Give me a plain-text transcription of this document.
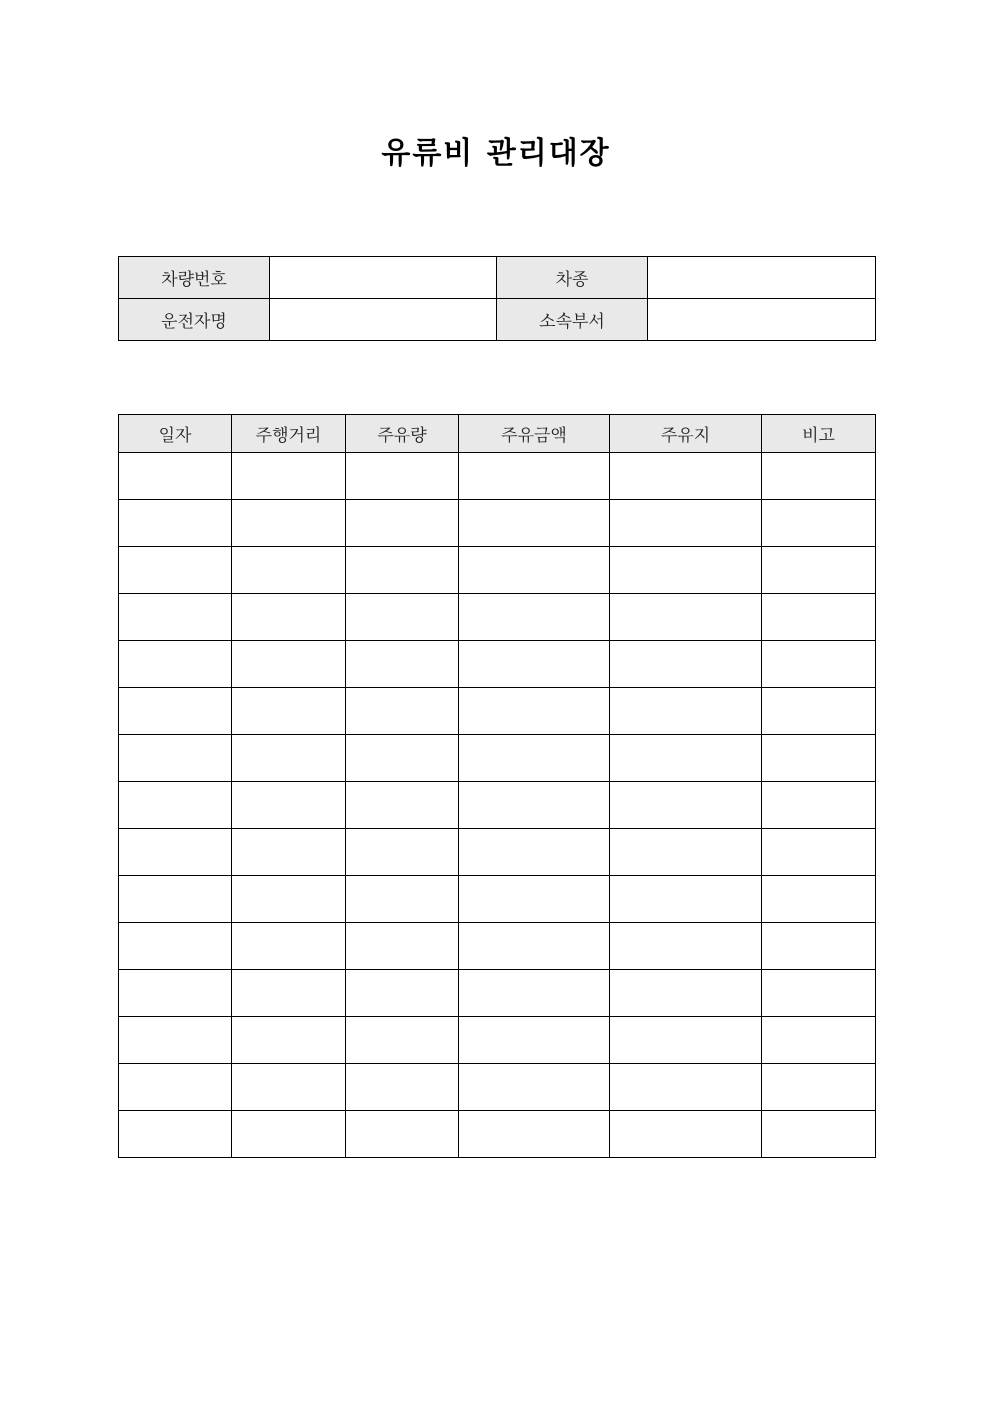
유류비 관리대장
차량번호		차종	
운전자명		소속부서	
일자	주행거리	주유량	주유금액	주유지	비고
